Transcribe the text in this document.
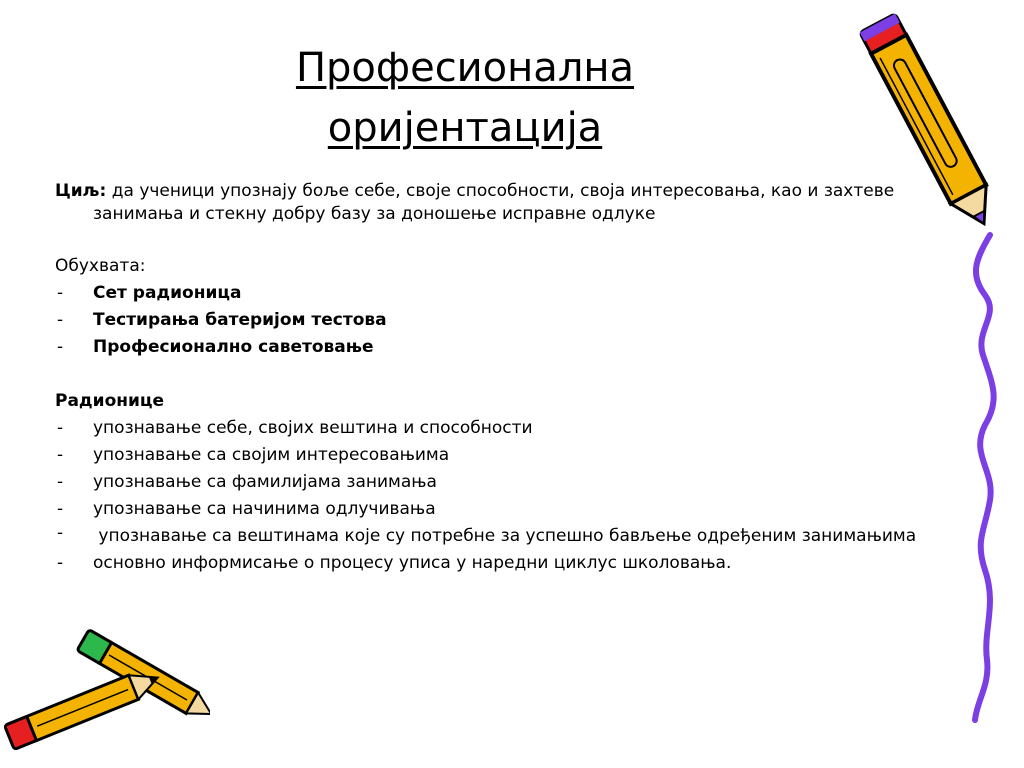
Професионална
оријентација

Циљ: да ученици упознају боље себе, своје способности, своја интересовања, као и захтеве занимања и стекну добру базу за доношење исправне одлуке

Обухвата:
- Сет радионица
- Тестирања батеријом тестова
- Професионално саветовање
Радионице
- упознавање себе, својих вештина и способности
- упознавање са својим интересовањима
- упознавање са фамилијама занимања
- упознавање са начинима одлучивања
- упознавање са вештинама које су потребне за успешно бављење одређеним занимањима
- основно информисање о процесу уписа у наредни циклус школовања.
